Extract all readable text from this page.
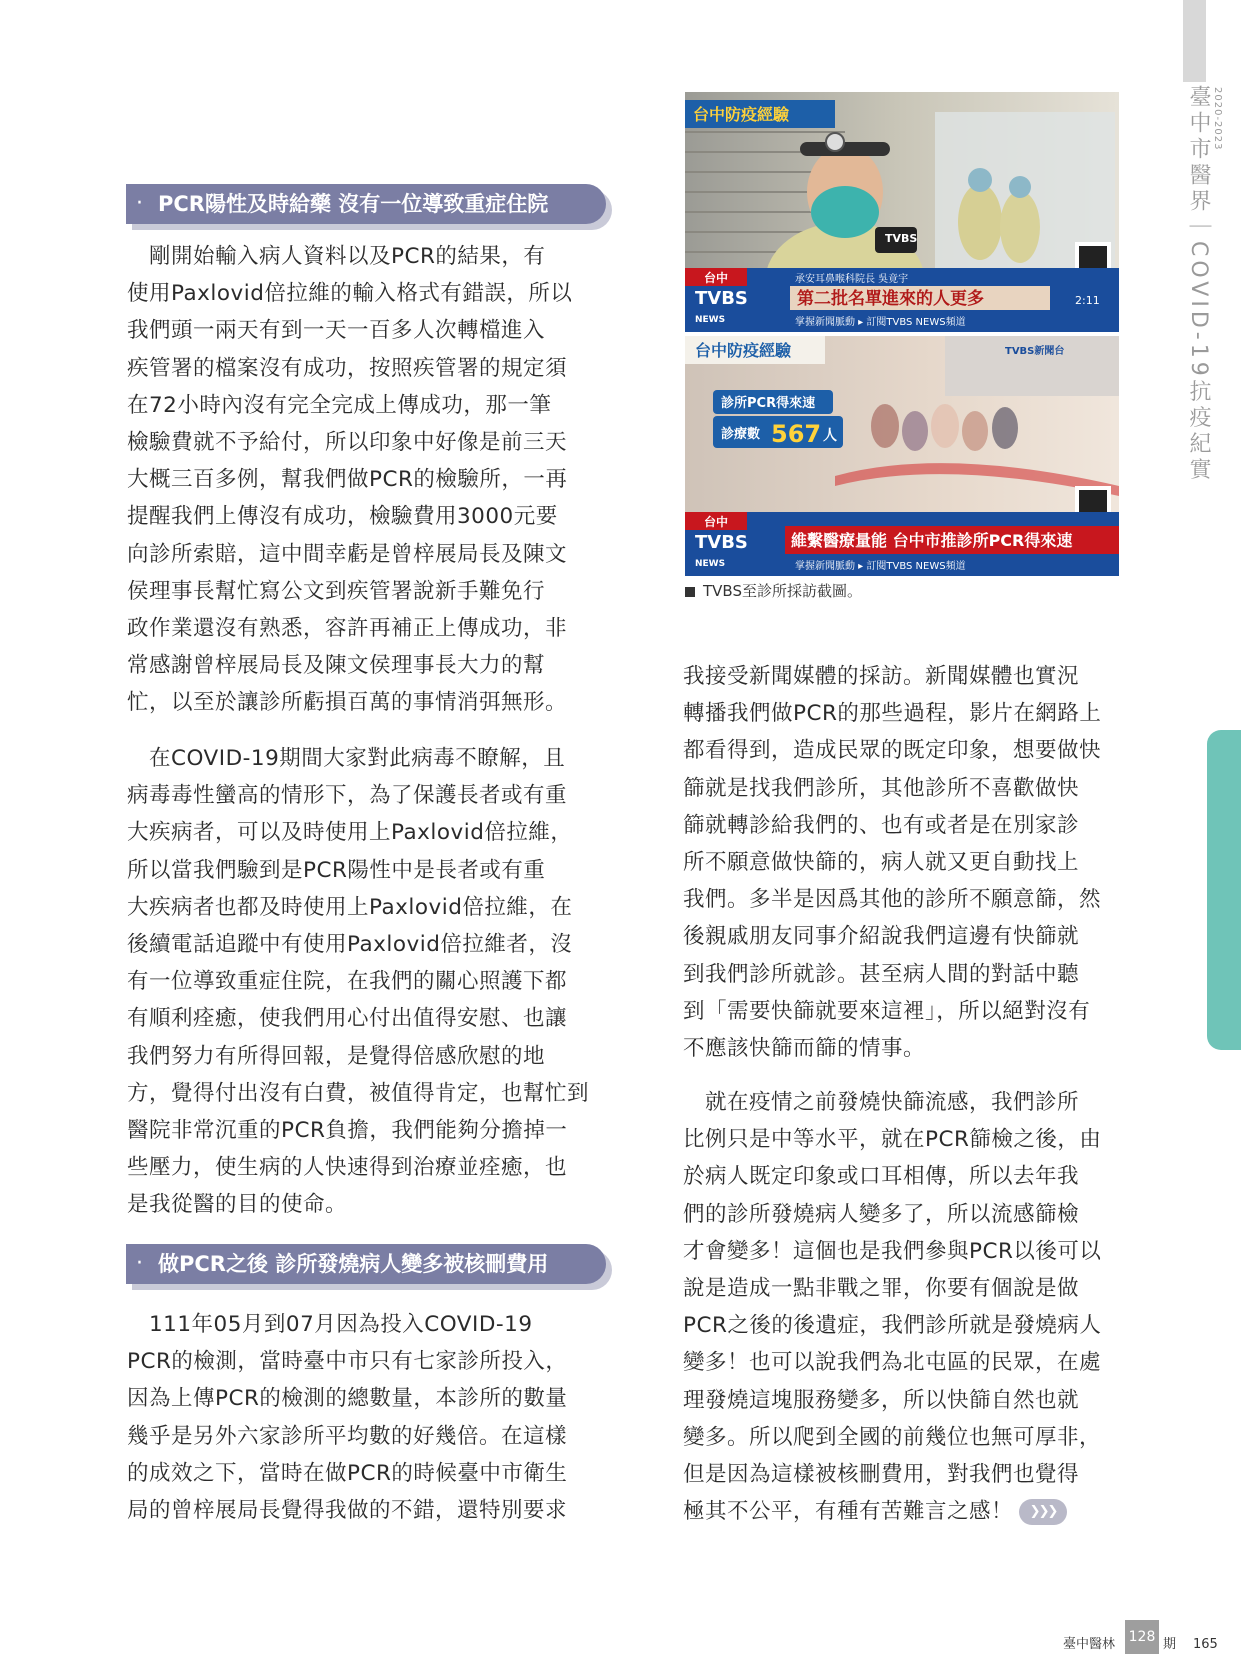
臺中市醫界｜COVID-19抗疫紀實 2020-2023
· PCR陽性及時給藥 沒有一位導致重症住院
　剛開始輸入病人資料以及PCR的結果，有
使用Paxlovid倍拉維的輸入格式有錯誤，所以
我們頭一兩天有到一天一百多人次轉檔進入
疾管署的檔案沒有成功，按照疾管署的規定須
在72小時內沒有完全完成上傳成功，那一筆
檢驗費就不予給付，所以印象中好像是前三天
大概三百多例，幫我們做PCR的檢驗所，一再
提醒我們上傳沒有成功，檢驗費用3000元要
向診所索賠，這中間幸虧是曾梓展局長及陳文
侯理事長幫忙寫公文到疾管署說新手難免行
政作業還沒有熟悉，容許再補正上傳成功，非
常感謝曾梓展局長及陳文侯理事長大力的幫
忙，以至於讓診所虧損百萬的事情消弭無形。
　在COVID-19期間大家對此病毒不瞭解，且
病毒毒性蠻高的情形下，為了保護長者或有重
大疾病者，可以及時使用上Paxlovid倍拉維，
所以當我們驗到是PCR陽性中是長者或有重
大疾病者也都及時使用上Paxlovid倍拉維，在
後續電話追蹤中有使用Paxlovid倍拉維者，沒
有一位導致重症住院，在我們的關心照護下都
有順利痊癒，使我們用心付出值得安慰、也讓
我們努力有所得回報，是覺得倍感欣慰的地
方，覺得付出沒有白費，被值得肯定，也幫忙到
醫院非常沉重的PCR負擔，我們能夠分擔掉一
些壓力，使生病的人快速得到治療並痊癒，也
是我從醫的目的使命。
· 做PCR之後 診所發燒病人變多被核刪費用
　111年05月到07月因為投入COVID-19
PCR的檢測，當時臺中市只有七家診所投入，
因為上傳PCR的檢測的總數量，本診所的數量
幾乎是另外六家診所平均數的好幾倍。在這樣
的成效之下，當時在做PCR的時候臺中市衛生
局的曾梓展局長覺得我做的不錯，還特別要求
台中防疫經驗
TVBS
台中	承安耳鼻喉科院長 吳竟宇
第二批名單進來的人更多
TVBS
NEWS
2:11
掌握新聞脈動 ▸ 訂閱TVBS NEWS頻道
台中防疫經驗	TVBS新聞台
診所PCR得來速
診療數 567 人
台中
維繫醫療量能 台中市推診所PCR得來速
TVBS
NEWS	掌握新聞脈動 ▸ 訂閱TVBS NEWS頻道
TVBS至診所採訪截圖。
我接受新聞媒體的採訪。新聞媒體也實況
轉播我們做PCR的那些過程，影片在網路上
都看得到，造成民眾的既定印象，想要做快
篩就是找我們診所，其他診所不喜歡做快
篩就轉診給我們的、也有或者是在別家診
所不願意做快篩的，病人就又更自動找上
我們。多半是因爲其他的診所不願意篩，然
後親戚朋友同事介紹說我們這邊有快篩就
到我們診所就診。甚至病人間的對話中聽
到「需要快篩就要來這裡」，所以絕對沒有
不應該快篩而篩的情事。
　就在疫情之前發燒快篩流感，我們診所
比例只是中等水平，就在PCR篩檢之後，由
於病人既定印象或口耳相傳，所以去年我
們的診所發燒病人變多了，所以流感篩檢
才會變多！這個也是我們參與PCR以後可以
說是造成一點非戰之罪，你要有個說是做
PCR之後的後遺症，我們診所就是發燒病人
變多！也可以說我們為北屯區的民眾，在處
理發燒這塊服務變多，所以快篩自然也就
變多。所以爬到全國的前幾位也無可厚非，
但是因為這樣被核刪費用，對我們也覺得
極其不公平，有種有苦難言之感！ ❯❯❯
臺中醫林 128 期 165
